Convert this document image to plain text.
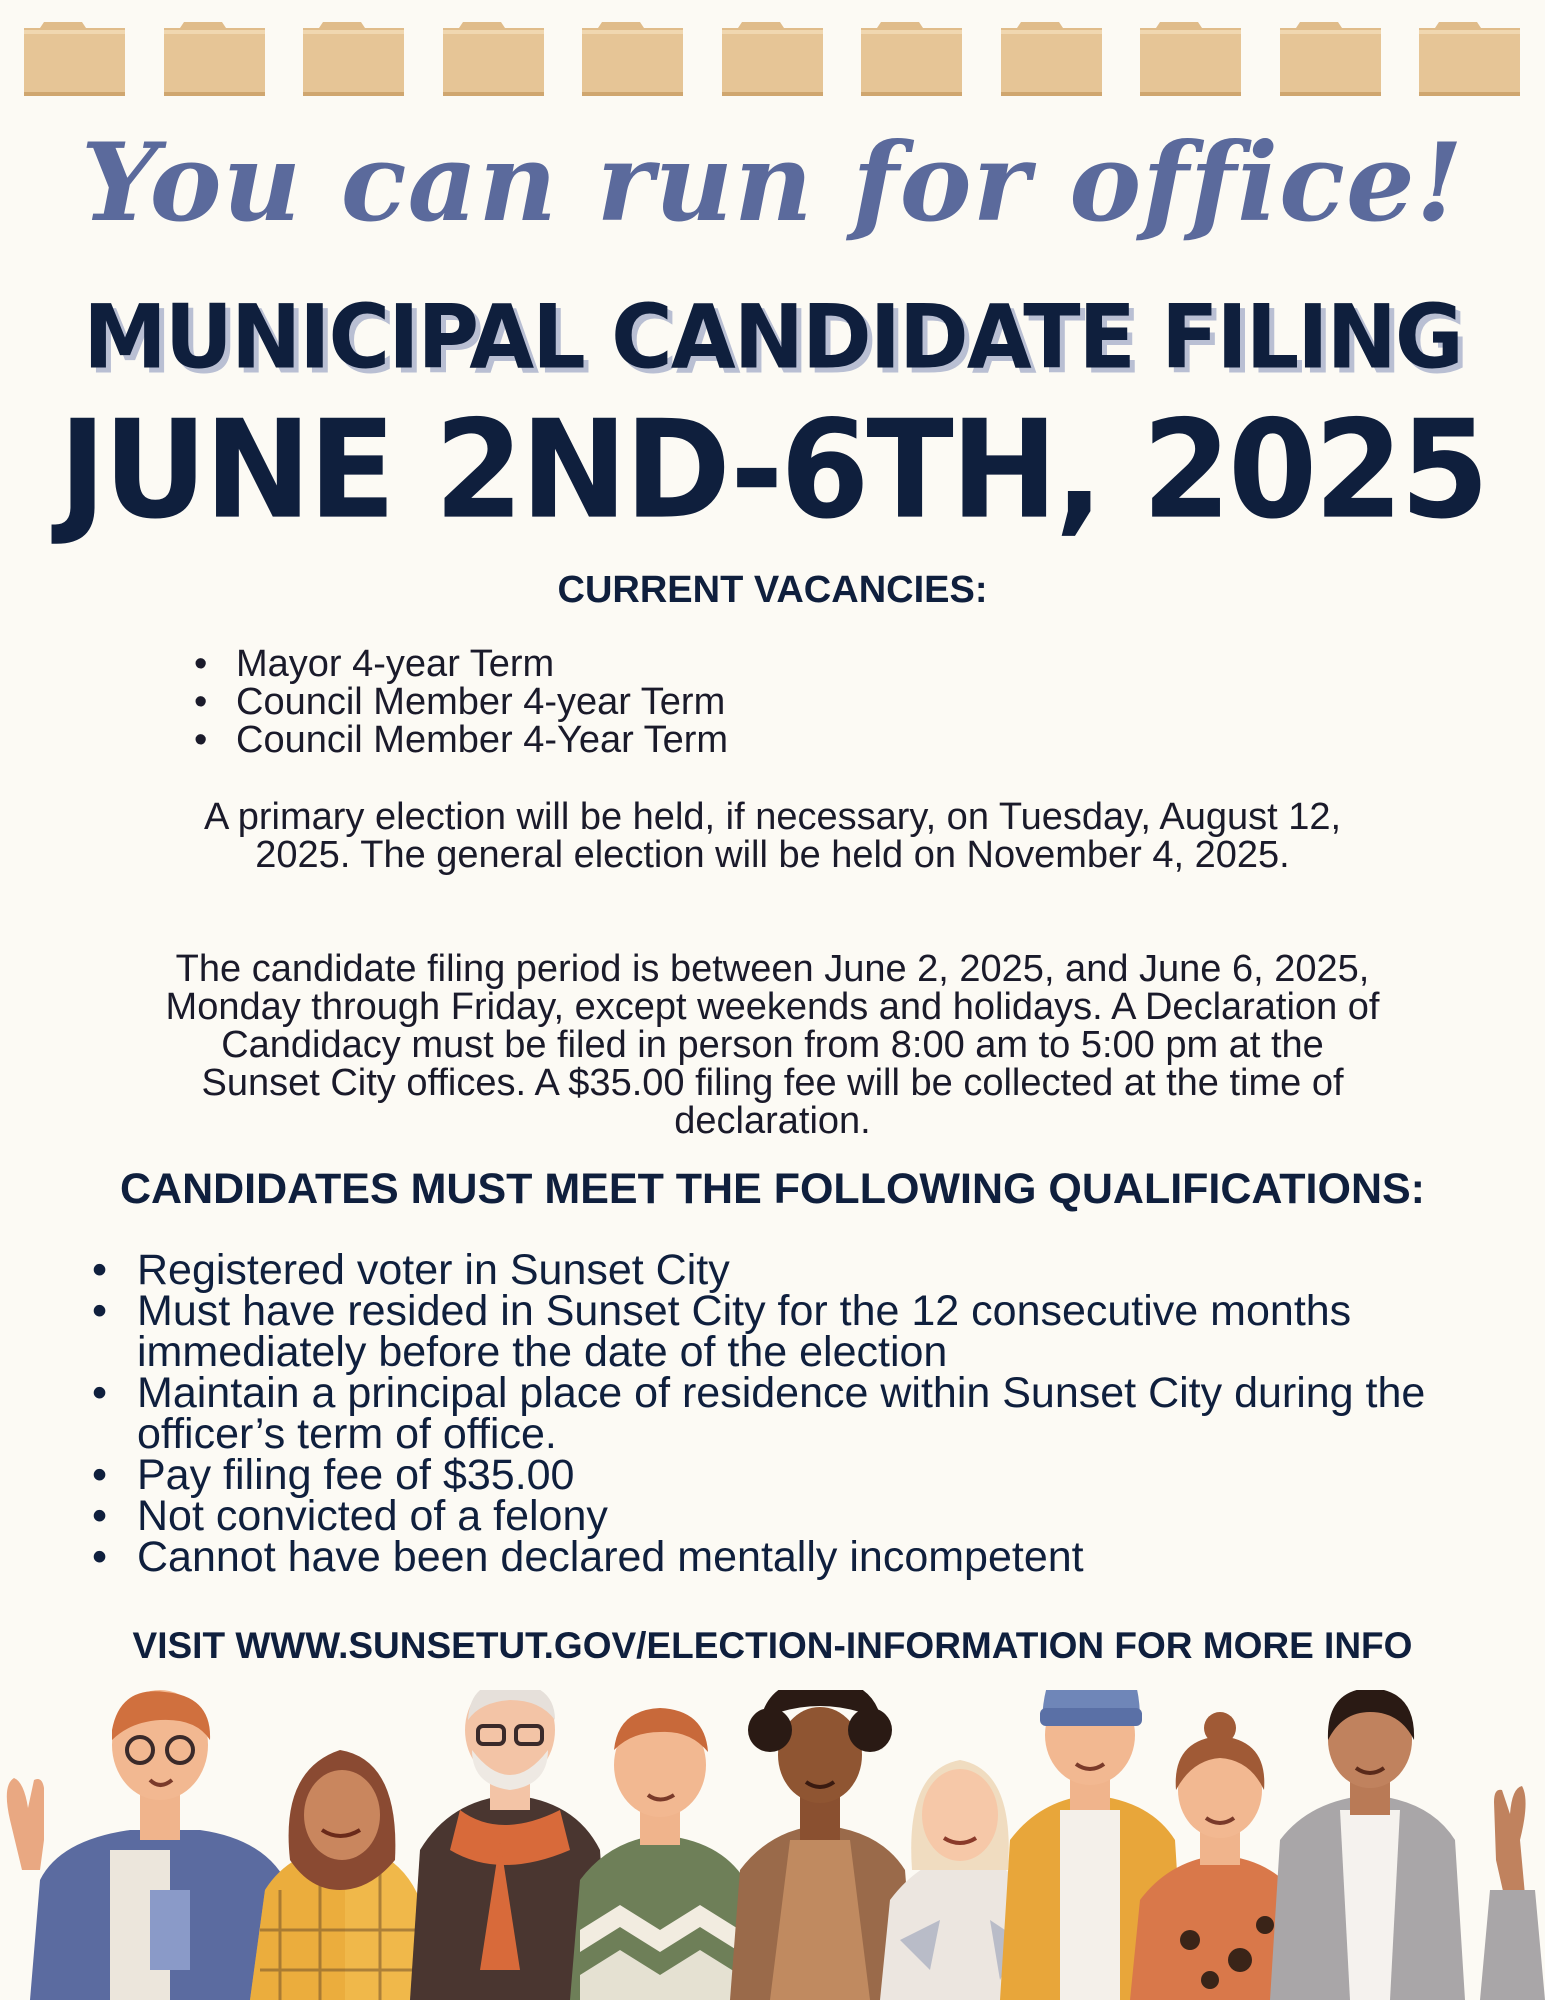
You can run for office!
MUNICIPAL CANDIDATE FILING
JUNE 2ND-6TH, 2025
CURRENT VACANCIES:
• Mayor 4-year Term
• Council Member 4-year Term
• Council Member 4-Year Term

A primary election will be held, if necessary, on Tuesday, August 12, 2025. The general election will be held on November 4, 2025.

The candidate filing period is between June 2, 2025, and June 6, 2025, Monday through Friday, except weekends and holidays. A Declaration of Candidacy must be filed in person from 8:00 am to 5:00 pm at the Sunset City offices. A $35.00 filing fee will be collected at the time of declaration.

CANDIDATES MUST MEET THE FOLLOWING QUALIFICATIONS:
• Registered voter in Sunset City
• Must have resided in Sunset City for the 12 consecutive months immediately before the date of the election
• Maintain a principal place of residence within Sunset City during the officer’s term of office.
• Pay filing fee of $35.00
• Not convicted of a felony
• Cannot have been declared mentally incompetent
VISIT WWW.SUNSETUT.GOV/ELECTION-INFORMATION FOR MORE INFO
